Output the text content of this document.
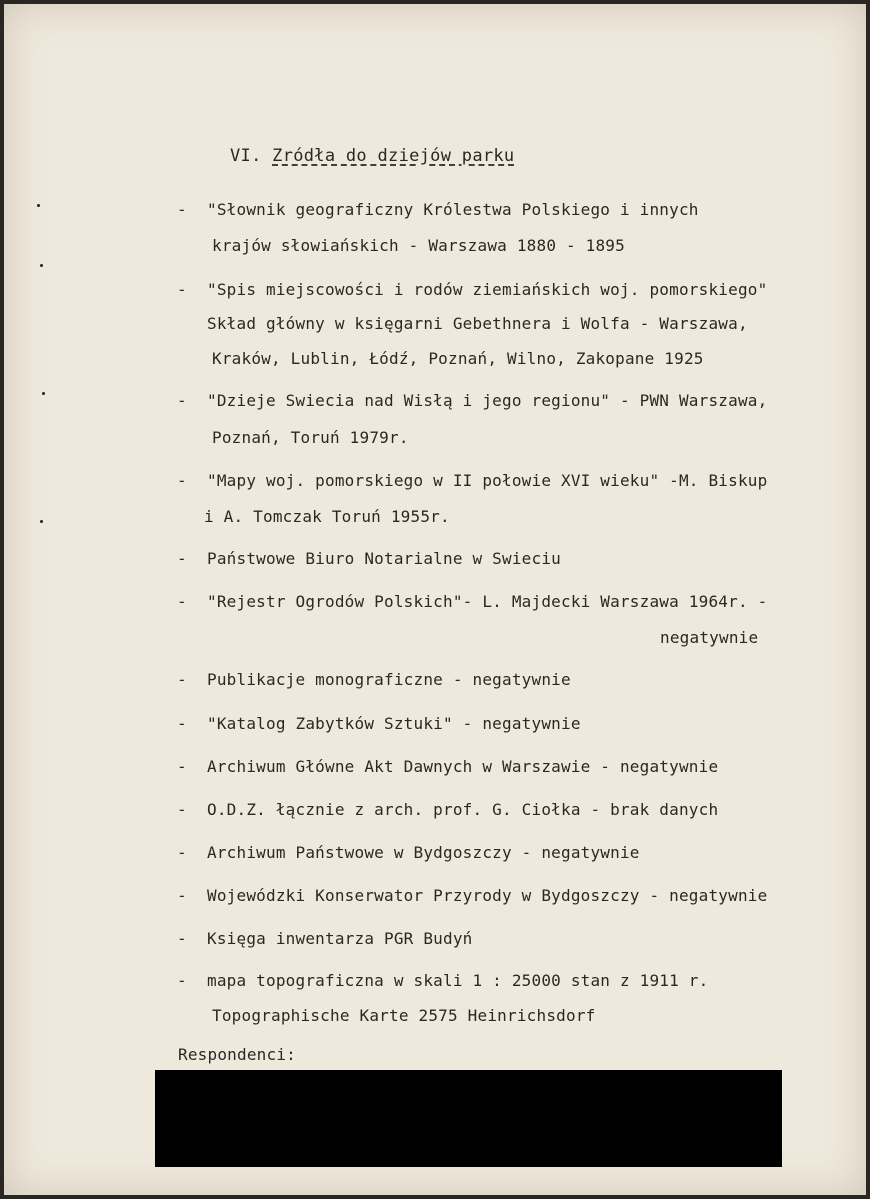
VI. Zródła do dziejów parku
- "Słownik geograficzny Królestwa Polskiego i innych
krajów słowiańskich - Warszawa 1880 - 1895
- "Spis miejscowości i rodów ziemiańskich woj. pomorskiego"
Skład główny w księgarni Gebethnera i Wolfa - Warszawa,
Kraków, Lublin, Łódź, Poznań, Wilno, Zakopane 1925
- "Dzieje Swiecia nad Wisłą i jego regionu" - PWN Warszawa,
Poznań, Toruń 1979r.
- "Mapy woj. pomorskiego w II połowie XVI wieku" -M. Biskup
i A. Tomczak Toruń 1955r.
- Państwowe Biuro Notarialne w Swieciu
- "Rejestr Ogrodów Polskich"- L. Majdecki Warszawa 1964r. -
negatywnie
- Publikacje monograficzne - negatywnie
- "Katalog Zabytków Sztuki" - negatywnie
- Archiwum Główne Akt Dawnych w Warszawie - negatywnie
- O.D.Z. łącznie z arch. prof. G. Ciołka - brak danych
- Archiwum Państwowe w Bydgoszczy - negatywnie
- Wojewódzki Konserwator Przyrody w Bydgoszczy - negatywnie
- Księga inwentarza PGR Budyń
- mapa topograficzna w skali 1 : 25000 stan z 1911 r.
Topographische Karte 2575 Heinrichsdorf
Respondenci:
